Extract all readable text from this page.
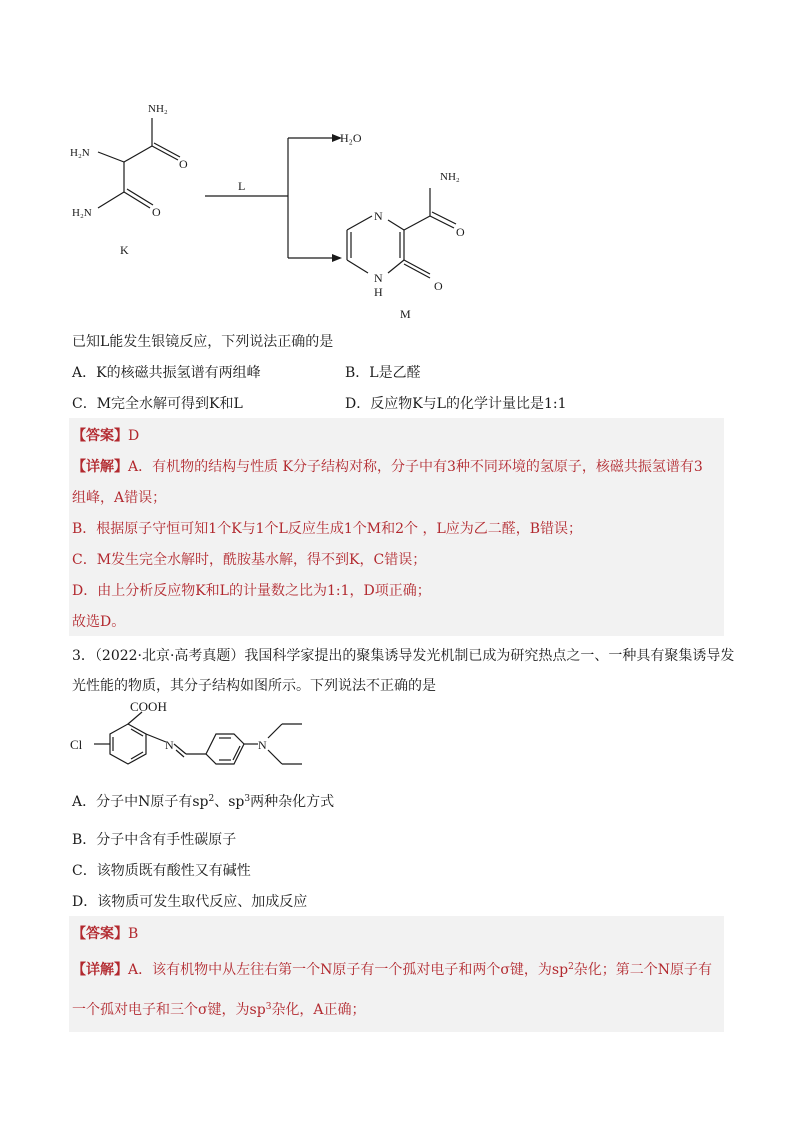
NH₂
H₂N
O
H₂N	O
K
L
H₂O
N
NH₂
O
N
H	O
M
已知L能发生银镜反应，下列说法正确的是
A．K的核磁共振氢谱有两组峰	B．L是乙醛
C．M完全水解可得到K和L	D．反应物K与L的化学计量比是1:1
【答案】D
【详解】A．有机物的结构与性质 K分子结构对称，分子中有3种不同环境的氢原子，核磁共振氢谱有3
组峰，A错误；
B．根据原子守恒可知1个K与1个L反应生成1个M和2个 ，L应为乙二醛，B错误；
C．M发生完全水解时，酰胺基水解，得不到K，C错误；
D．由上分析反应物K和L的计量数之比为1:1，D项正确；
故选D。
3．（2022·北京·高考真题）我国科学家提出的聚集诱导发光机制已成为研究热点之一、一种具有聚集诱导发
光性能的物质，其分子结构如图所示。下列说法不正确的是
COOH
Cl	N	N
A．分子中N原子有$sp^2$、$sp^3$两种杂化方式
B．分子中含有手性碳原子
C．该物质既有酸性又有碱性
D．该物质可发生取代反应、加成反应
【答案】B
【详解】A．该有机物中从左往右第一个N原子有一个孤对电子和两个σ键，为$sp^2$杂化；第二个N原子有
一个孤对电子和三个σ键，为$sp^3$杂化，A正确；
